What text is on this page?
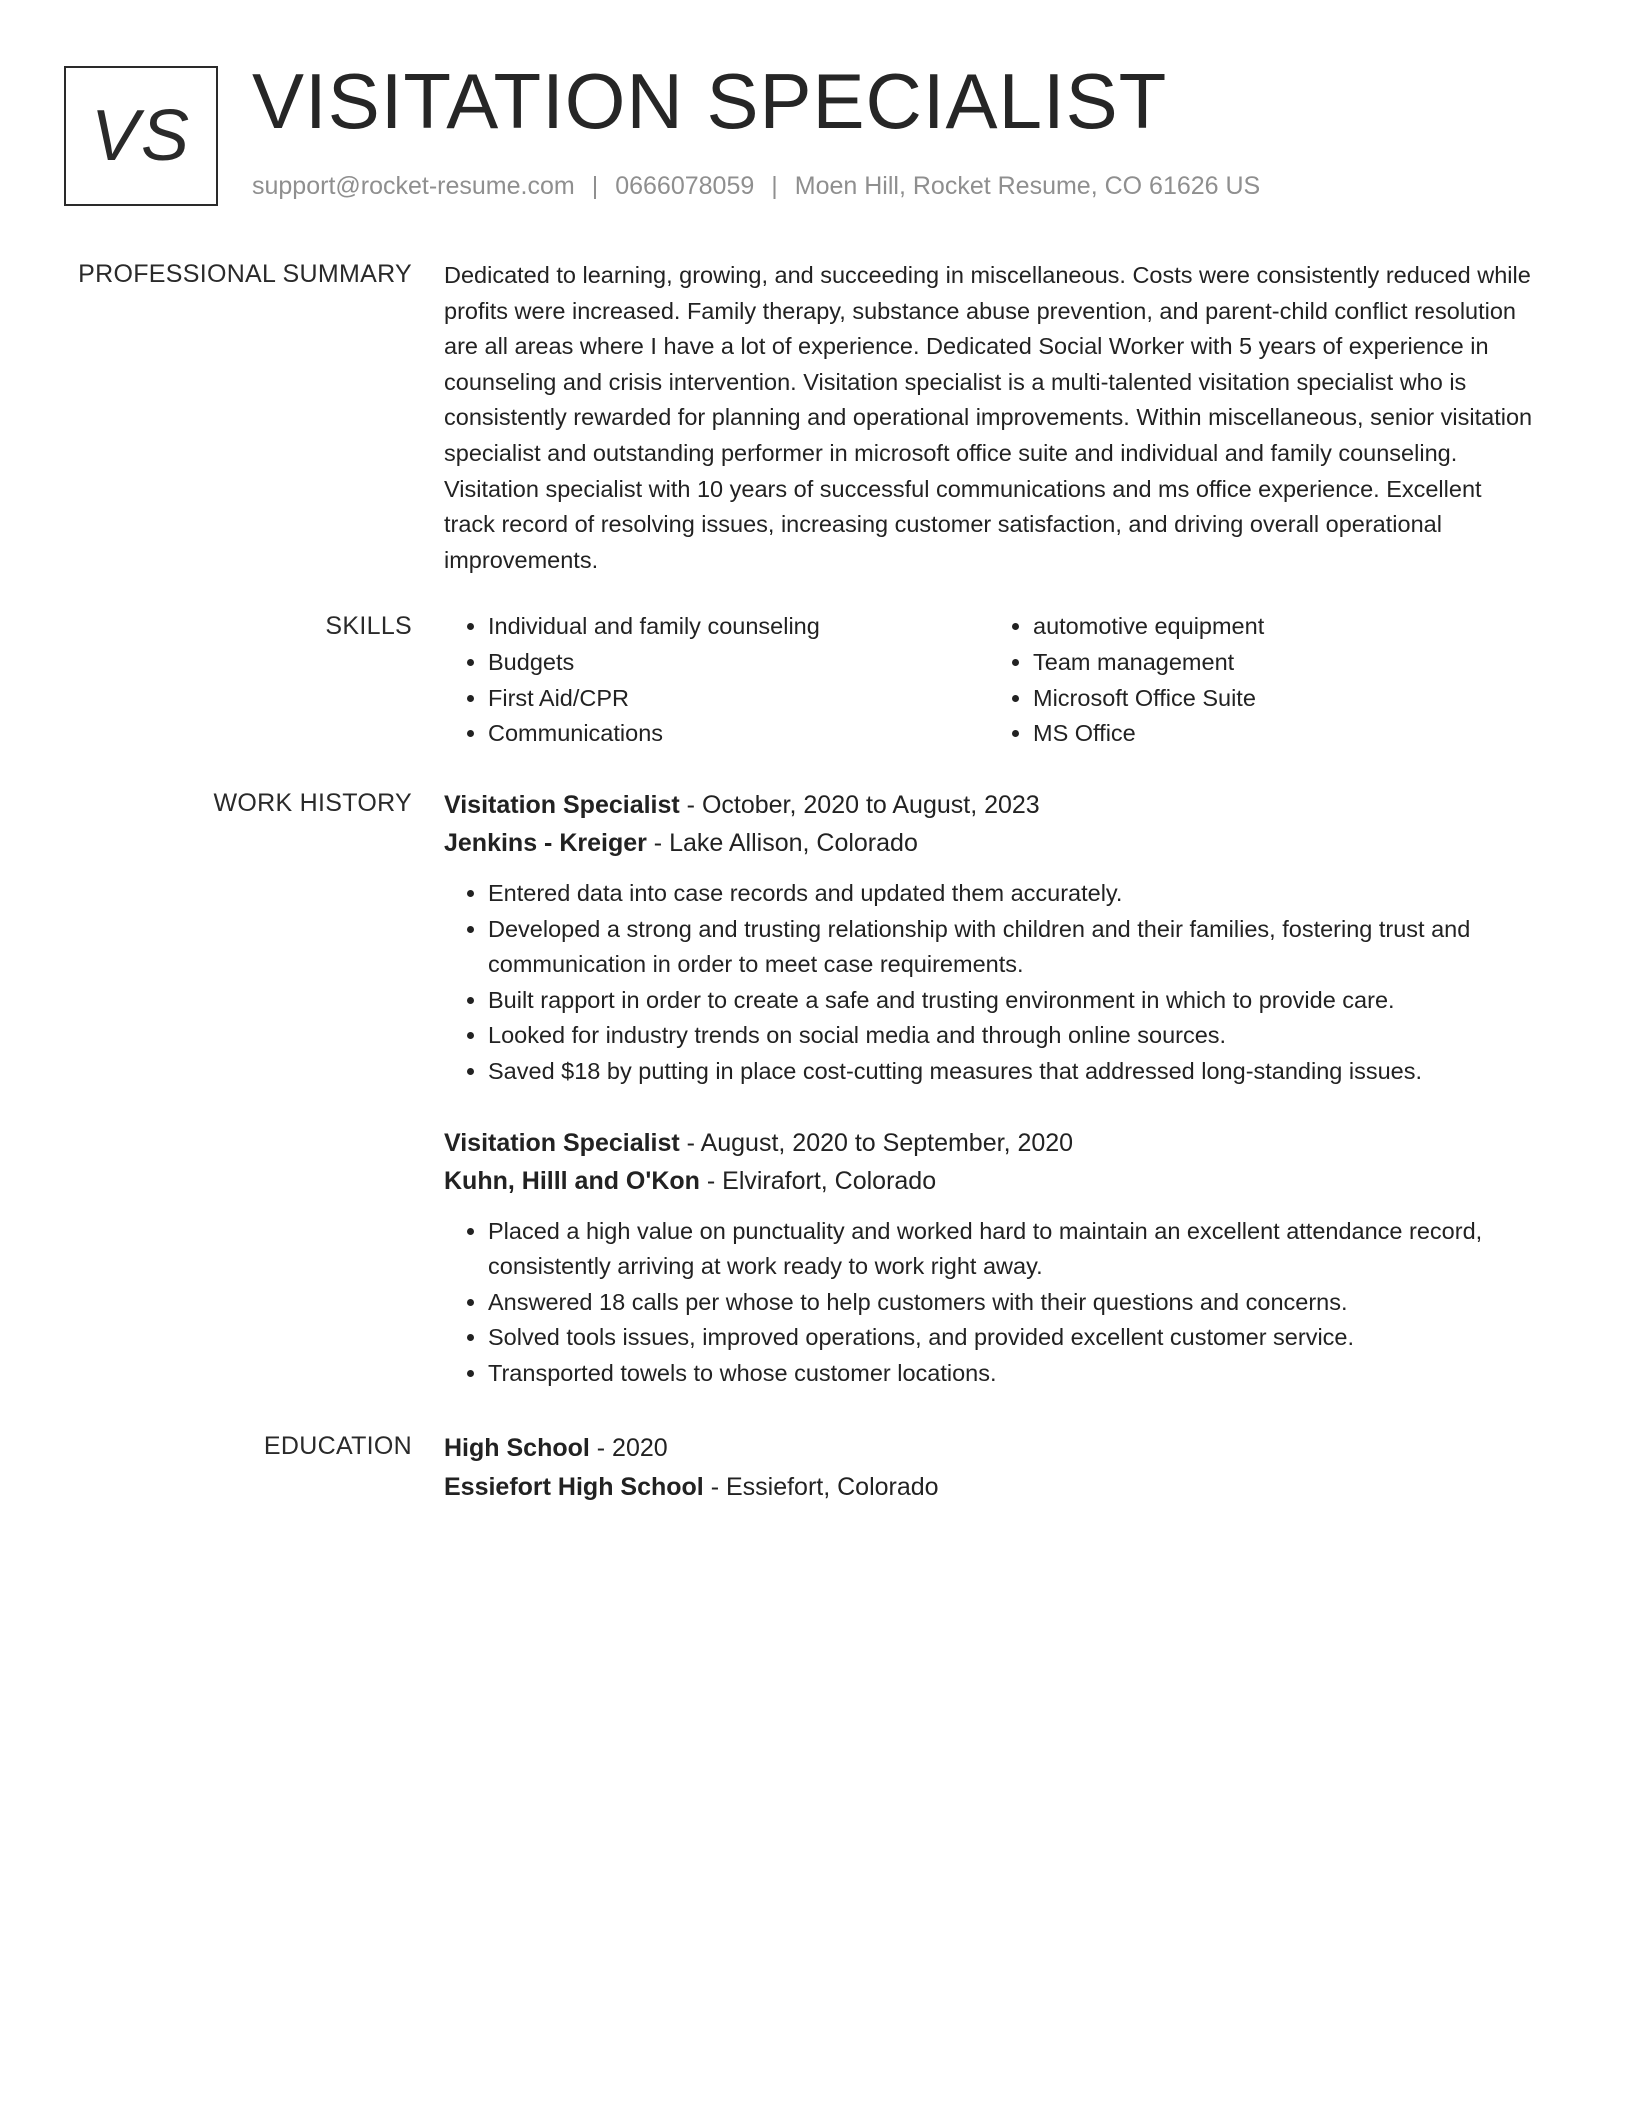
VS VISITATION SPECIALIST
support@rocket-resume.com | 0666078059 | Moen Hill, Rocket Resume, CO 61626 US
PROFESSIONAL SUMMARY Dedicated to learning, growing, and succeeding in miscellaneous. Costs were consistently reduced while profits were increased. Family therapy, substance abuse prevention, and parent-child conflict resolution are all areas where I have a lot of experience. Dedicated Social Worker with 5 years of experience in counseling and crisis intervention. Visitation specialist is a multi-talented visitation specialist who is consistently rewarded for planning and operational improvements. Within miscellaneous, senior visitation specialist and outstanding performer in microsoft office suite and individual and family counseling. Visitation specialist with 10 years of successful communications and ms office experience. Excellent track record of resolving issues, increasing customer satisfaction, and driving overall operational improvements.

SKILLS
•	Individual and family counseling
• Budgets
• First Aid/CPR
• Communications
• automotive equipment
• Team management
• Microsoft Office Suite
• MS Office
WORK HISTORY Visitation Specialist - October, 2020 to August, 2023
Jenkins - Kreiger - Lake Allison, Colorado
• Entered data into case records and updated them accurately.
• Developed a strong and trusting relationship with children and their families, fostering trust and communication in order to meet case requirements.
• Built rapport in order to create a safe and trusting environment in which to provide care.
• Looked for industry trends on social media and through online sources.
• Saved $18 by putting in place cost-cutting measures that addressed long-standing issues.
Visitation Specialist - August, 2020 to September, 2020
Kuhn, Hilll and O'Kon - Elvirafort, Colorado
• Placed a high value on punctuality and worked hard to maintain an excellent attendance record, consistently arriving at work ready to work right away.
• Answered 18 calls per whose to help customers with their questions and concerns.
• Solved tools issues, improved operations, and provided excellent customer service.
• Transported towels to whose customer locations.
EDUCATION High School - 2020
Essiefort High School - Essiefort, Colorado
